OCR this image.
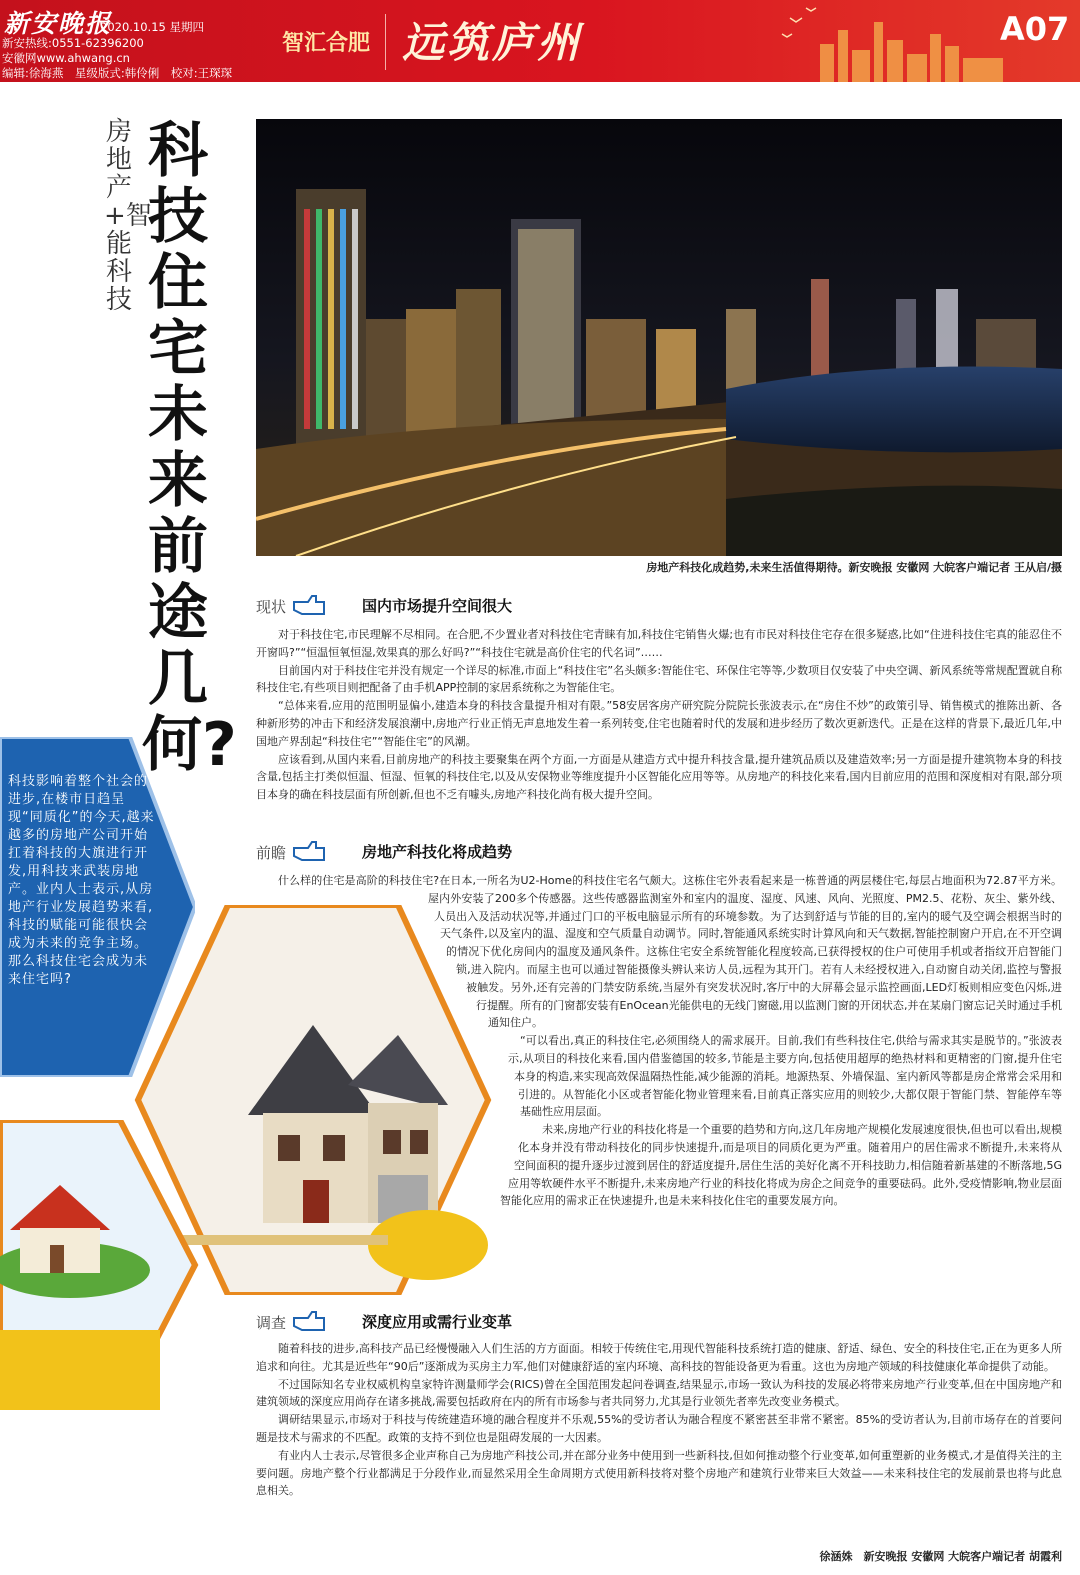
新安晚报
2020.10.15 星期四
新安热线:0551-62396200
安徽网www.ahwang.cn
编辑:徐海燕　星级版式:韩伶俐　校对:王琛琛
智汇合肥 远筑庐州	A07
房地产+智能科技
科技住宅未来前途几何?
房地产科技化成趋势,未来生活值得期待。新安晚报 安徽网 大皖客户端记者 王从启/摄
现状	国内市场提升空间很大

对于科技住宅,市民理解不尽相同。在合肥,不少置业者对科技住宅青睐有加,科技住宅销售火爆;也有市民对科技住宅存在很多疑惑,比如“住进科技住宅真的能忍住不开窗吗?”“恒温恒氧恒湿,效果真的那么好吗?”“科技住宅就是高价住宅的代名词”……

目前国内对于科技住宅并没有规定一个详尽的标准,市面上“科技住宅”名头颇多:智能住宅、环保住宅等等,少数项目仅安装了中央空调、新风系统等常规配置就自称科技住宅,有些项目则把配备了由手机APP控制的家居系统称之为智能住宅。

“总体来看,应用的范围明显偏小,建造本身的科技含量提升相对有限。”58安居客房产研究院分院院长张波表示,在“房住不炒”的政策引导、销售模式的推陈出新、各种新形势的冲击下和经济发展浪潮中,房地产行业正悄无声息地发生着一系列转变,住宅也随着时代的发展和进步经历了数次更新迭代。正是在这样的背景下,最近几年,中国地产界刮起“科技住宅”“智能住宅”的风潮。

应该看到,从国内来看,目前房地产的科技主要聚集在两个方面,一方面是从建造方式中提升科技含量,提升建筑品质以及建造效率;另一方面是提升建筑物本身的科技含量,包括主打类似恒温、恒湿、恒氧的科技住宅,以及从安保物业等维度提升小区智能化应用等等。从房地产的科技化来看,国内目前应用的范围和深度相对有限,部分项目本身的确在科技层面有所创新,但也不乏有噱头,房地产科技化尚有极大提升空间。

科技影响着整个社会的进步,在楼市日趋呈现“同质化”的今天,越来越多的房地产公司开始扛着科技的大旗进行开发,用科技来武装房地产。业内人士表示,从房地产行业发展趋势来看,科技的赋能可能很快会成为未来的竞争主场。那么科技住宅会成为未来住宅吗?
前瞻	房地产科技化将成趋势

什么样的住宅是高阶的科技住宅?在日本,一所名为U2-Home的科技住宅名气颇大。这栋住宅外表看起来是一栋普通的两层楼住宅,每层占地面积为72.87平方米。屋内外安装了200多个传感器。这些传感器监测室外和室内的温度、湿度、风速、风向、光照度、PM2.5、花粉、灰尘、紫外线、人员出入及活动状况等,并通过门口的平板电脑显示所有的环境参数。为了达到舒适与节能的目的,室内的暖气及空调会根据当时的天气条件,以及室内的温、湿度和空气质量自动调节。同时,智能通风系统实时计算风向和天气数据,智能控制窗户开启,在不开空调的情况下优化房间内的温度及通风条件。这栋住宅安全系统智能化程度较高,已获得授权的住户可使用手机或者指纹开启智能门锁,进入院内。而屋主也可以通过智能摄像头辨认来访人员,远程为其开门。若有人未经授权进入,自动窗自动关闭,监控与警报被触发。另外,还有完善的门禁安防系统,当屋外有突发状况时,客厅中的大屏幕会显示监控画面,LED灯板则相应变色闪烁,进行提醒。所有的门窗都安装有EnOcean光能供电的无线门窗磁,用以监测门窗的开闭状态,并在某扇门窗忘记关时通过手机通知住户。

“可以看出,真正的科技住宅,必须围绕人的需求展开。目前,我们有些科技住宅,供给与需求其实是脱节的。”张波表示,从项目的科技化来看,国内借鉴德国的较多,节能是主要方向,包括使用超厚的绝热材料和更精密的门窗,提升住宅本身的构造,来实现高效保温隔热性能,减少能源的消耗。地源热泵、外墙保温、室内新风等都是房企常常会采用和引进的。从智能化小区或者智能化物业管理来看,目前真正落实应用的则较少,大都仅限于智能门禁、智能停车等基础性应用层面。

未来,房地产行业的科技化将是一个重要的趋势和方向,这几年房地产规模化发展速度很快,但也可以看出,规模化本身并没有带动科技化的同步快速提升,而是项目的同质化更为严重。随着用户的居住需求不断提升,未来将从空间面积的提升逐步过渡到居住的舒适度提升,居住生活的美好化离不开科技助力,相信随着新基建的不断落地,5G应用等软硬件水平不断提升,未来房地产行业的科技化将成为房企之间竞争的重要砝码。此外,受疫情影响,物业层面智能化应用的需求正在快速提升,也是未来科技化住宅的重要发展方向。

调查	深度应用或需行业变革

随着科技的进步,高科技产品已经慢慢融入人们生活的方方面面。相较于传统住宅,用现代智能科技系统打造的健康、舒适、绿色、安全的科技住宅,正在为更多人所追求和向往。尤其是近些年“90后”逐渐成为买房主力军,他们对健康舒适的室内环境、高科技的智能设备更为看重。这也为房地产领域的科技健康化革命提供了动能。

不过国际知名专业权威机构皇家特许测量师学会(RICS)曾在全国范围发起问卷调查,结果显示,市场一致认为科技的发展必将带来房地产行业变革,但在中国房地产和建筑领域的深度应用尚存在诸多挑战,需要包括政府在内的所有市场参与者共同努力,尤其是行业领先者率先改变业务模式。

调研结果显示,市场对于科技与传统建造环境的融合程度并不乐观,55%的受访者认为融合程度不紧密甚至非常不紧密。85%的受访者认为,目前市场存在的首要问题是技术与需求的不匹配。政策的支持不到位也是阻碍发展的一大因素。

有业内人士表示,尽管很多企业声称自己为房地产科技公司,并在部分业务中使用到一些新科技,但如何推动整个行业变革,如何重塑新的业务模式,才是值得关注的主要问题。房地产整个行业都满足于分段作业,而显然采用全生命周期方式使用新科技将对整个房地产和建筑行业带来巨大效益——未来科技住宅的发展前景也将与此息息相关。

徐涵姝　新安晚报 安徽网 大皖客户端记者 胡霞利
